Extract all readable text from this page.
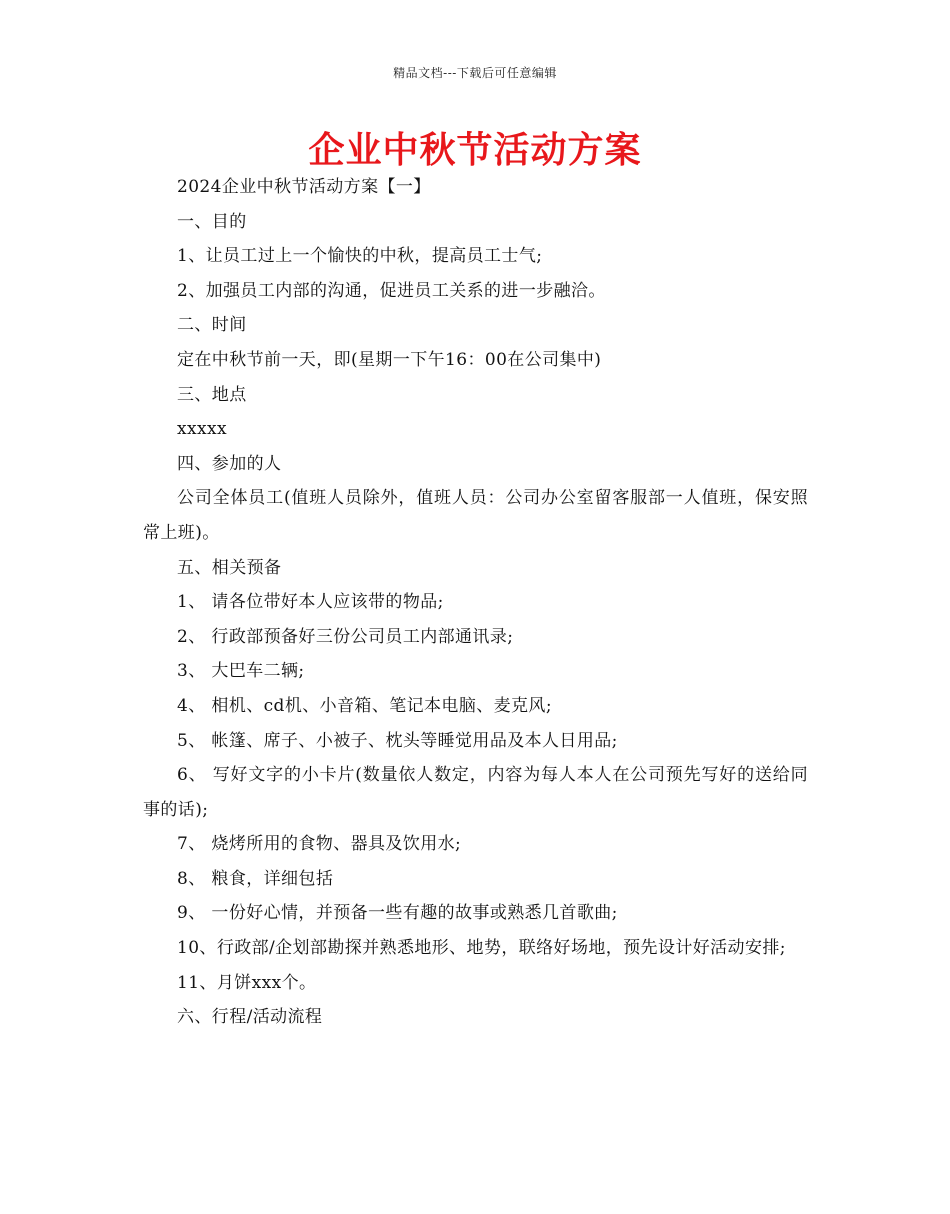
精品文档---下载后可任意编辑
企业中秋节活动方案

2024企业中秋节活动方案【一】

一、目的

1、让员工过上一个愉快的中秋，提高员工士气;

2、加强员工内部的沟通，促进员工关系的进一步融洽。

二、时间

定在中秋节前一天，即(星期一下午16：00在公司集中)

三、地点

xxxxx

四、参加的人

公司全体员工(值班人员除外，值班人员：公司办公室留客服部一人值班，保安照常上班)。

五、相关预备

1、 请各位带好本人应该带的物品;

2、 行政部预备好三份公司员工内部通讯录;

3、 大巴车二辆;

4、 相机、cd机、小音箱、笔记本电脑、麦克风;

5、 帐篷、席子、小被子、枕头等睡觉用品及本人日用品;

6、 写好文字的小卡片(数量依人数定，内容为每人本人在公司预先写好的送给同事的话);

7、 烧烤所用的食物、器具及饮用水;

8、 粮食，详细包括

9、 一份好心情，并预备一些有趣的故事或熟悉几首歌曲;

10、行政部/企划部勘探并熟悉地形、地势，联络好场地，预先设计好活动安排;

11、月饼xxx个。

六、行程/活动流程
